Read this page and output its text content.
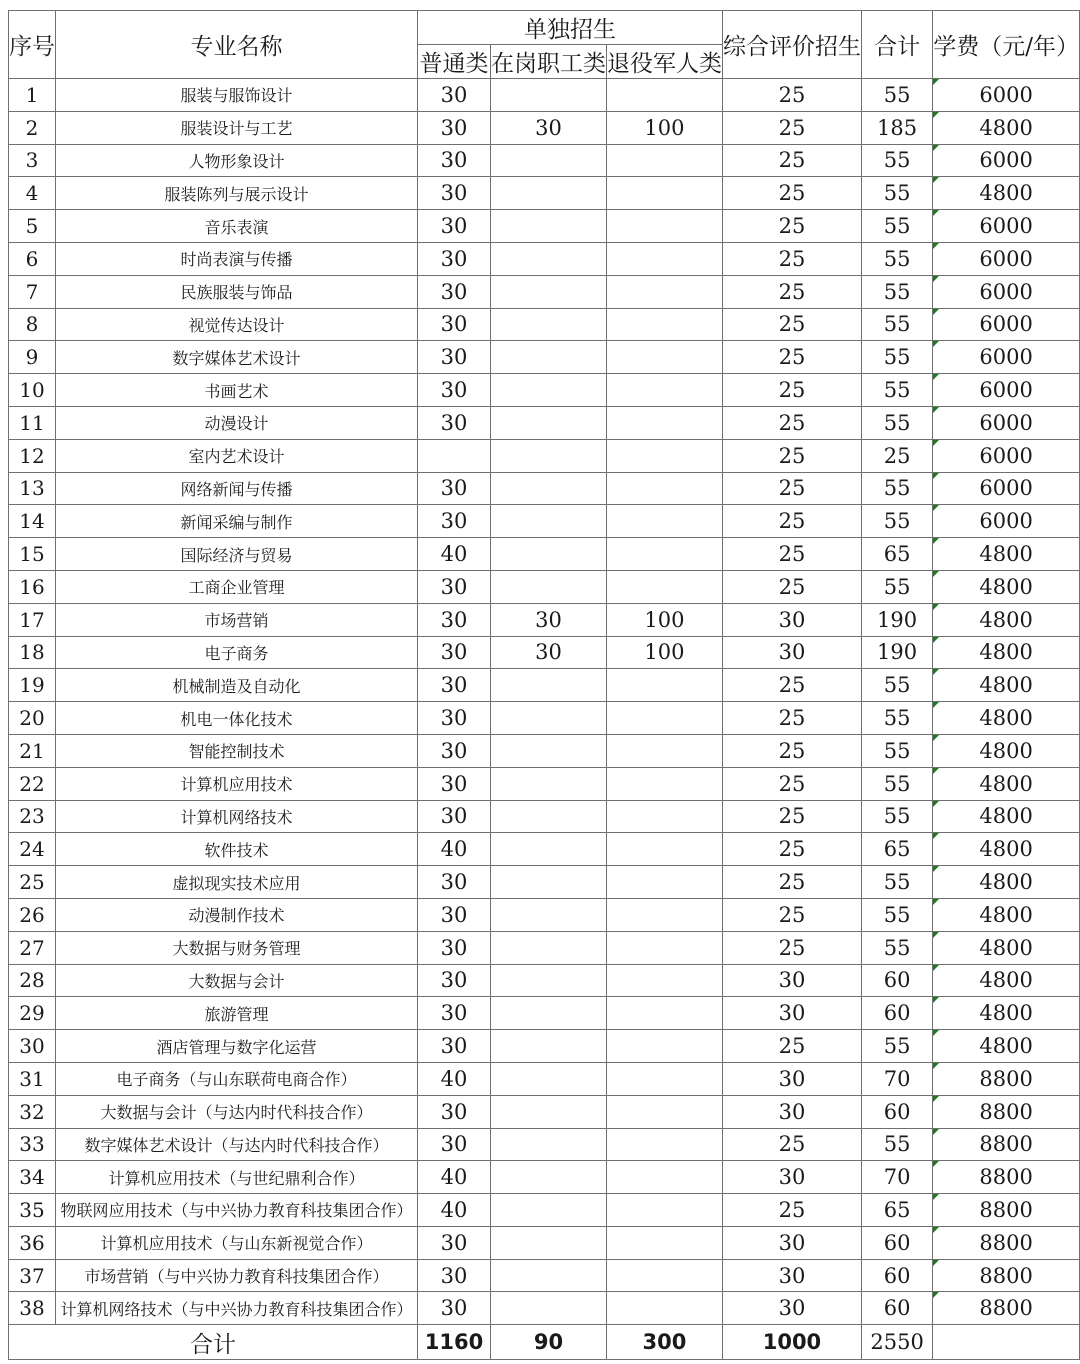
序号	专业名称	单独招生			综合评价招生	合计	学费（元/年）
		普通类	在岗职工类	退役军人类			
1	服装与服饰设计	30			25	55	6000
2	服装设计与工艺	30	30	100	25	185	4800
3	人物形象设计	30			25	55	6000
4	服装陈列与展示设计	30			25	55	4800
5	音乐表演	30			25	55	6000
6	时尚表演与传播	30			25	55	6000
7	民族服装与饰品	30			25	55	6000
8	视觉传达设计	30			25	55	6000
9	数字媒体艺术设计	30			25	55	6000
10	书画艺术	30			25	55	6000
11	动漫设计	30			25	55	6000
12	室内艺术设计				25	25	6000
13	网络新闻与传播	30			25	55	6000
14	新闻采编与制作	30			25	55	6000
15	国际经济与贸易	40			25	65	4800
16	工商企业管理	30			25	55	4800
17	市场营销	30	30	100	30	190	4800
18	电子商务	30	30	100	30	190	4800
19	机械制造及自动化	30			25	55	4800
20	机电一体化技术	30			25	55	4800
21	智能控制技术	30			25	55	4800
22	计算机应用技术	30			25	55	4800
23	计算机网络技术	30			25	55	4800
24	软件技术	40			25	65	4800
25	虚拟现实技术应用	30			25	55	4800
26	动漫制作技术	30			25	55	4800
27	大数据与财务管理	30			25	55	4800
28	大数据与会计	30			30	60	4800
29	旅游管理	30			30	60	4800
30	酒店管理与数字化运营	30			25	55	4800
31	电子商务（与山东联荷电商合作）	40			30	70	8800
32	大数据与会计（与达内时代科技合作）	30			30	60	8800
33	数字媒体艺术设计（与达内时代科技合作）	30			25	55	8800
34	计算机应用技术（与世纪鼎利合作）	40			30	70	8800
35	物联网应用技术（与中兴协力教育科技集团合作）	40			25	65	8800
36	计算机应用技术（与山东新视觉合作）	30			30	60	8800
37	市场营销（与中兴协力教育科技集团合作）	30			30	60	8800
38	计算机网络技术（与中兴协力教育科技集团合作）	30			30	60	8800
合计		1160	90	300	1000	2550	
